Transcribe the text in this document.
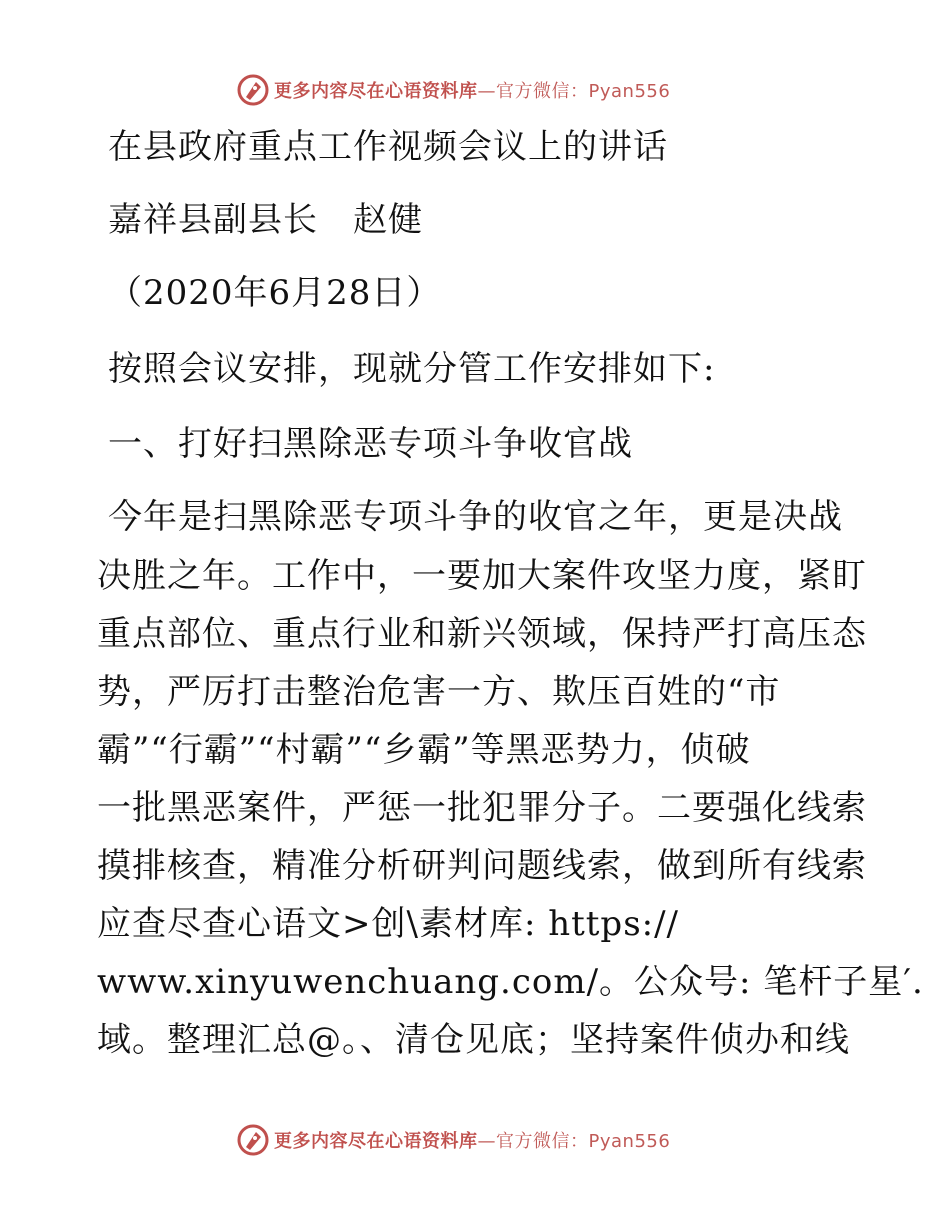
更多内容尽在心语资料库—官方微信：Pyan556
在县政府重点工作视频会议上的讲话
嘉祥县副县长　赵健
（2020年6月28日）
按照会议安排，现就分管工作安排如下:
一、打好扫黑除恶专项斗争收官战
今年是扫黑除恶专项斗争的收官之年，更是决战
决胜之年。工作中，一要加大案件攻坚力度，紧盯
重点部位、重点行业和新兴领域，保持严打高压态
势，严厉打击整治危害一方、欺压百姓的“市
霸”“行霸”“村霸”“乡霸”等黑恶势力，侦破
一批黑恶案件，严惩一批犯罪分子。二要强化线索
摸排核查，精准分析研判问题线索，做到所有线索
应查尽查心语文>创\素材库: https://
www.xinyuwenchuang.com/。公众号: 笔杆子星′.
域。整理汇总@。、清仓见底；坚持案件侦办和线
更多内容尽在心语资料库—官方微信：Pyan556
